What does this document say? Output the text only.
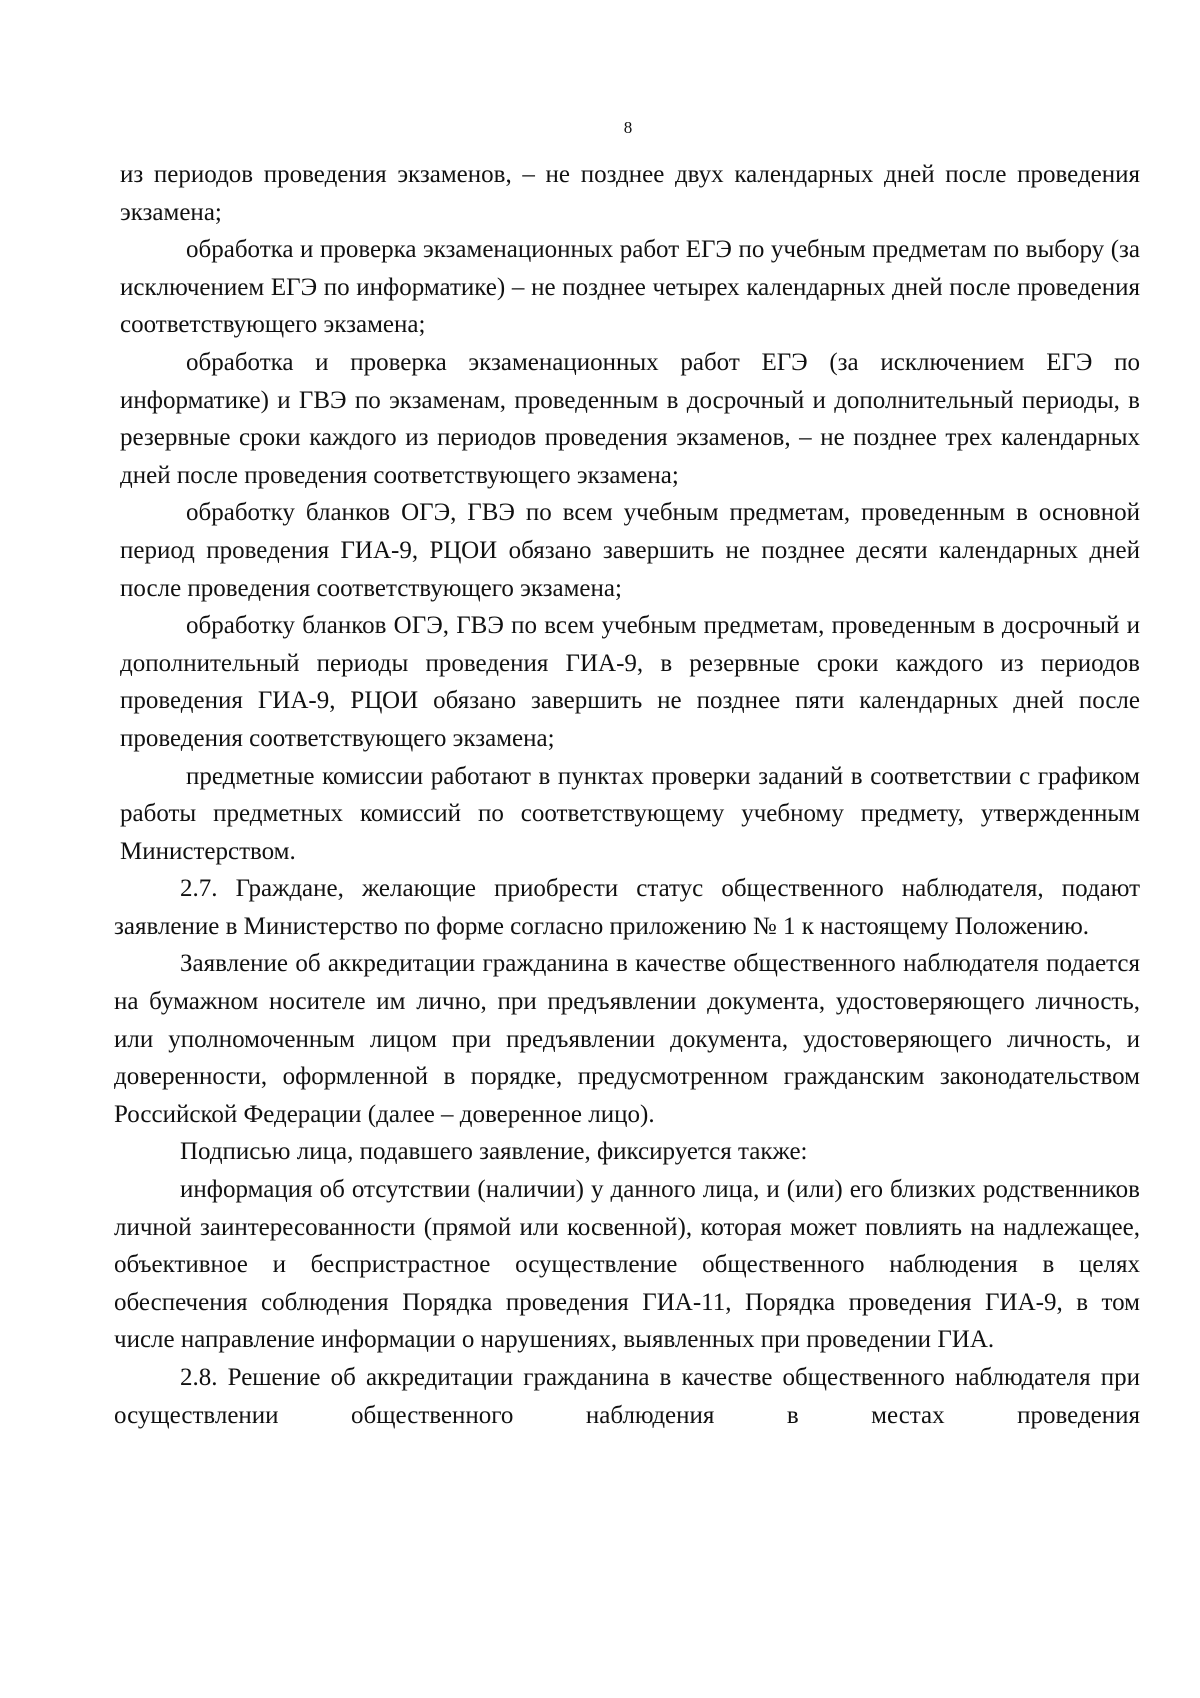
8

из периодов проведения экзаменов, – не позднее двух календарных дней после проведения экзамена;

обработка и проверка экзаменационных работ ЕГЭ по учебным предметам по выбору (за исключением ЕГЭ по информатике) – не позднее четырех календарных дней после проведения соответствующего экзамена;

обработка и проверка экзаменационных работ ЕГЭ (за исключением ЕГЭ по информатике) и ГВЭ по экзаменам, проведенным в досрочный и дополнительный периоды, в резервные сроки каждого из периодов проведения экзаменов, – не позднее трех календарных дней после проведения соответствующего экзамена;

обработку бланков ОГЭ, ГВЭ по всем учебным предметам, проведенным в основной период проведения ГИА-9, РЦОИ обязано завершить не позднее десяти календарных дней после проведения соответствующего экзамена;

обработку бланков ОГЭ, ГВЭ по всем учебным предметам, проведенным в досрочный и дополнительный периоды проведения ГИА-9, в резервные сроки каждого из периодов проведения ГИА-9, РЦОИ обязано завершить не позднее пяти календарных дней после проведения соответствующего экзамена;

предметные комиссии работают в пунктах проверки заданий в соответствии с графиком работы предметных комиссий по соответствующему учебному предмету, утвержденным Министерством.

2.7. Граждане, желающие приобрести статус общественного наблюдателя, подают заявление в Министерство по форме согласно приложению № 1 к настоящему Положению.

Заявление об аккредитации гражданина в качестве общественного наблюдателя подается на бумажном носителе им лично, при предъявлении документа, удостоверяющего личность, или уполномоченным лицом при предъявлении документа, удостоверяющего личность, и доверенности, оформленной в порядке, предусмотренном гражданским законодательством Российской Федерации (далее – доверенное лицо).

Подписью лица, подавшего заявление, фиксируется также:

информация об отсутствии (наличии) у данного лица, и (или) его близких родственников личной заинтересованности (прямой или косвенной), которая может повлиять на надлежащее, объективное и беспристрастное осуществление общественного наблюдения в целях обеспечения соблюдения Порядка проведения ГИА-11, Порядка проведения ГИА-9, в том числе направление информации о нарушениях, выявленных при проведении ГИА.

2.8. Решение об аккредитации гражданина в качестве общественного наблюдателя при осуществлении общественного наблюдения в местах проведения
